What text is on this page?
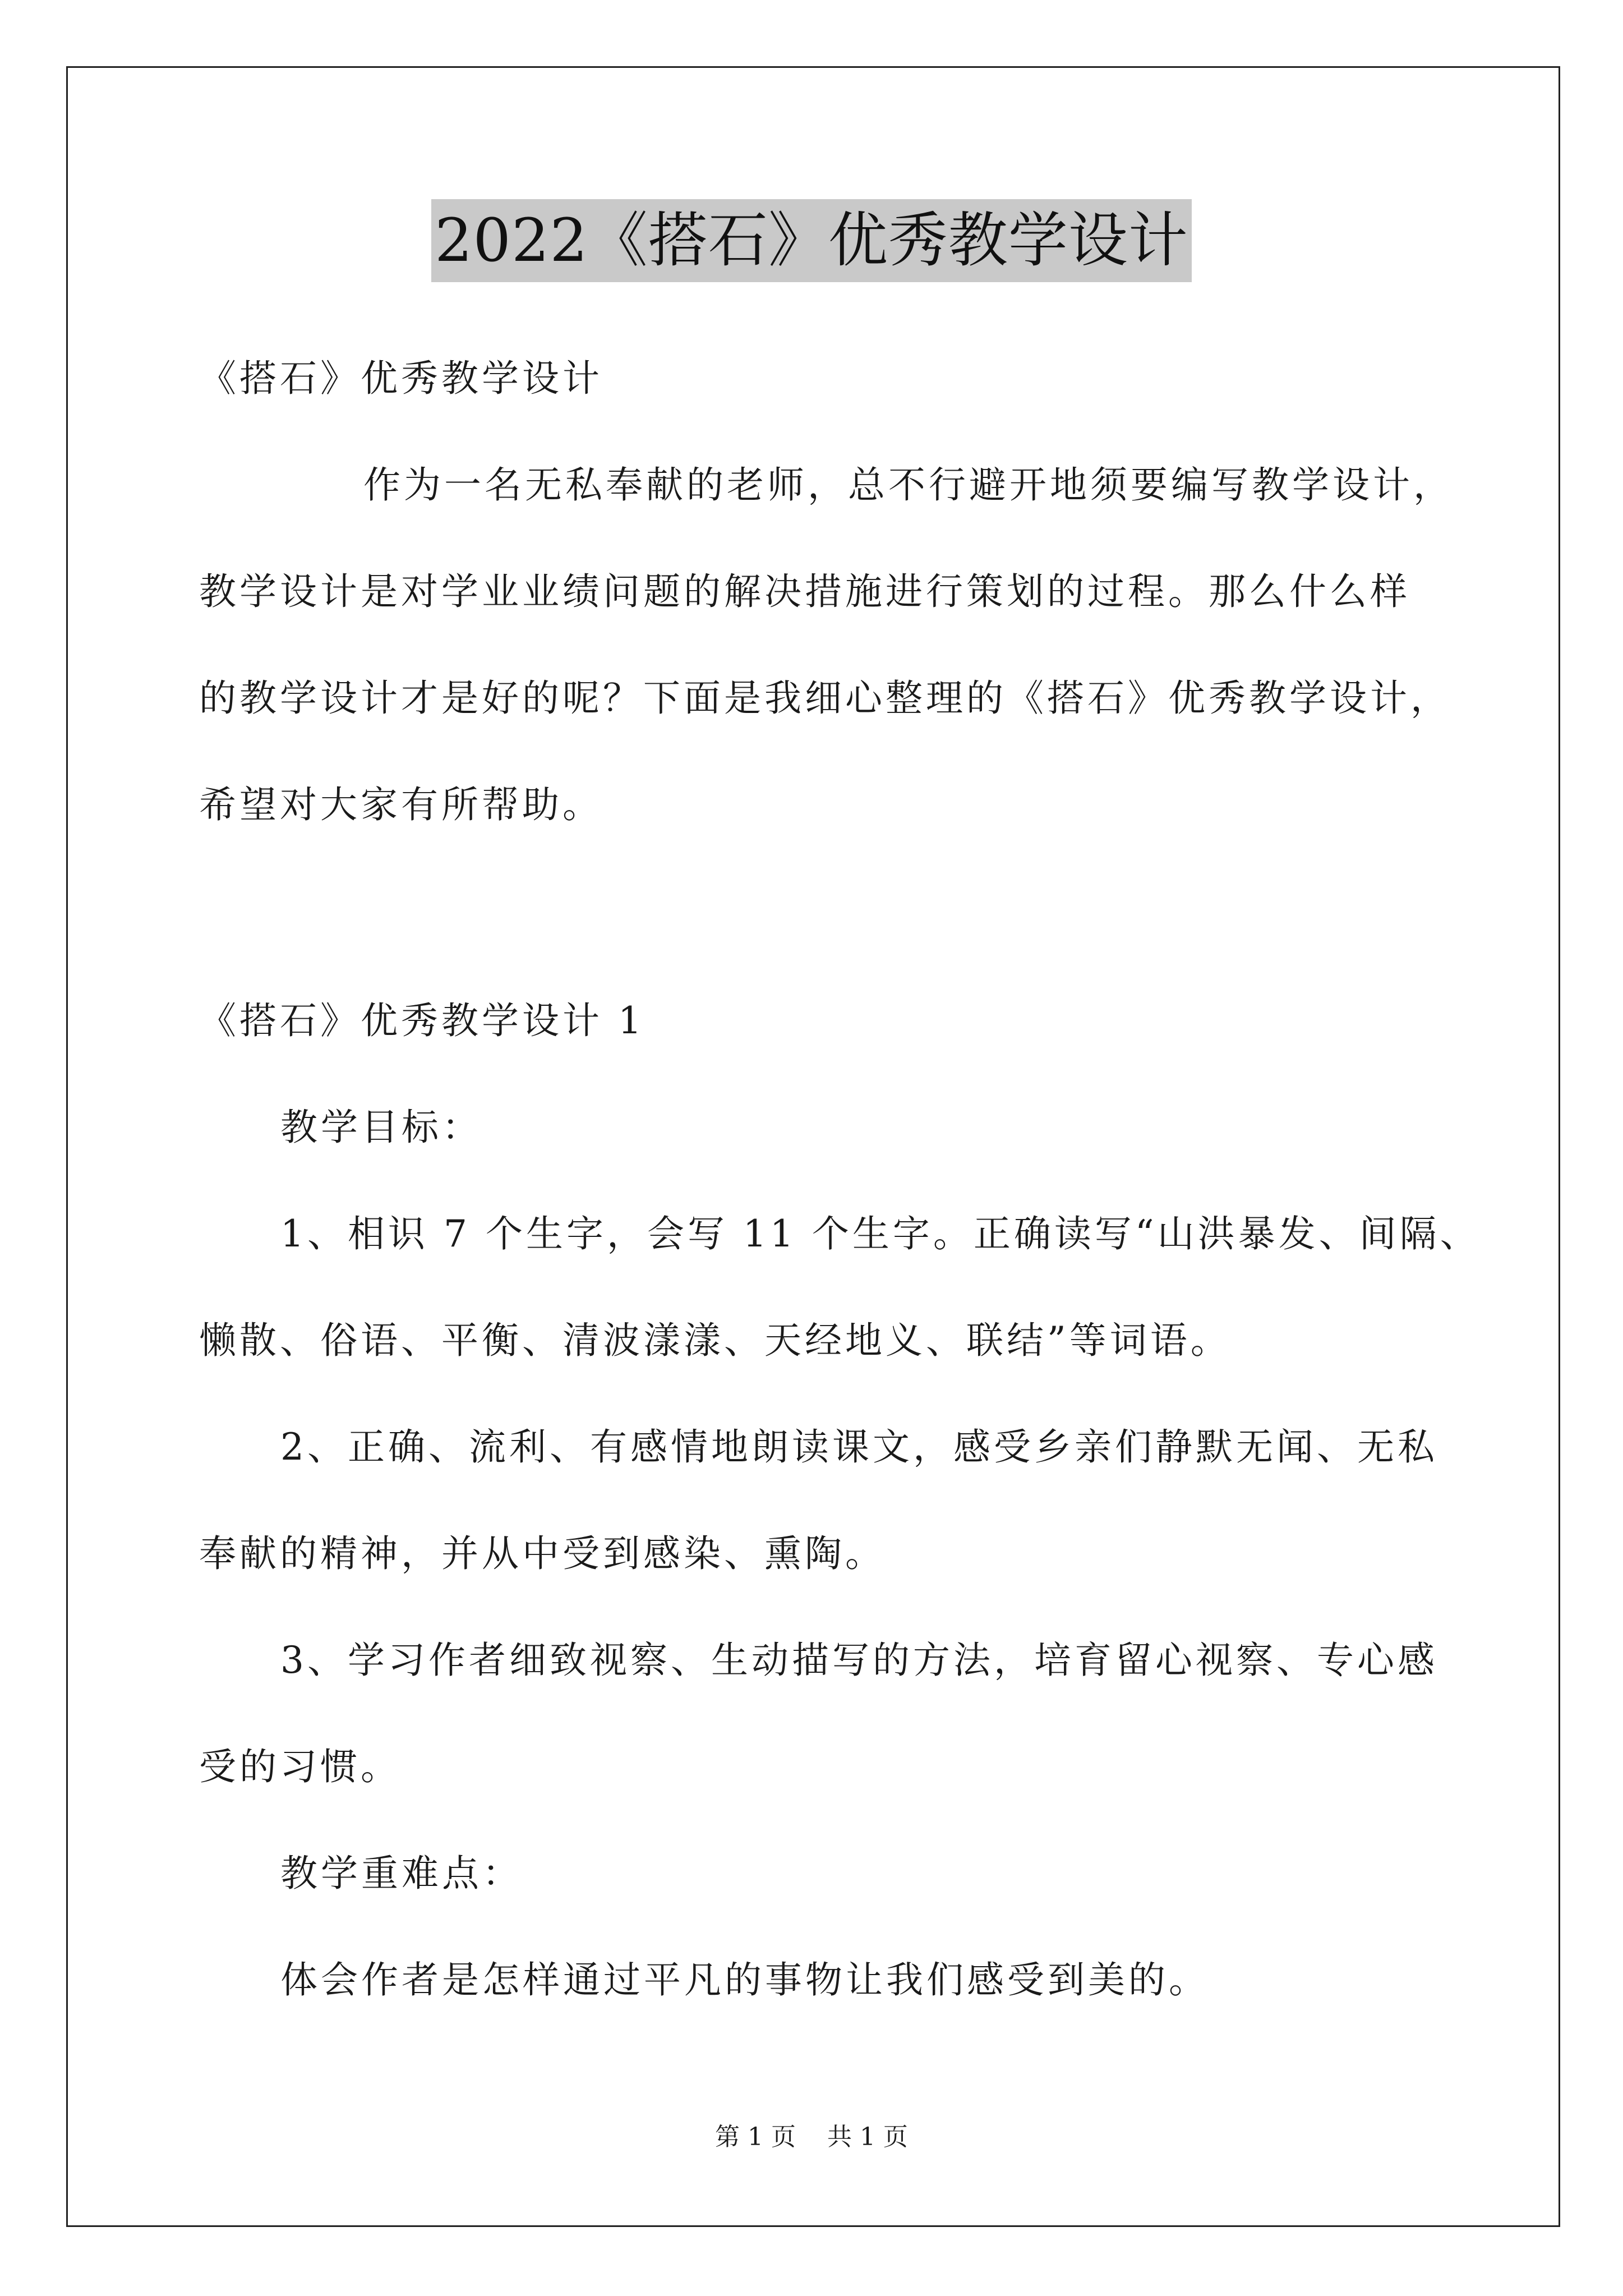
2022《搭石》优秀教学设计
《搭石》优秀教学设计
作为一名无私奉献的老师，总不行避开地须要编写教学设计，
教学设计是对学业业绩问题的解决措施进行策划的过程。那么什么样
的教学设计才是好的呢？下面是我细心整理的《搭石》优秀教学设计，
希望对大家有所帮助。
《搭石》优秀教学设计 1
教学目标：
1、相识 7 个生字，会写 11 个生字。正确读写“山洪暴发、间隔、
懒散、俗语、平衡、清波漾漾、天经地义、联结”等词语。
2、正确、流利、有感情地朗读课文，感受乡亲们静默无闻、无私
奉献的精神，并从中受到感染、熏陶。
3、学习作者细致视察、生动描写的方法，培育留心视察、专心感
受的习惯。
教学重难点：
体会作者是怎样通过平凡的事物让我们感受到美的。
第 1 页    共 1 页
